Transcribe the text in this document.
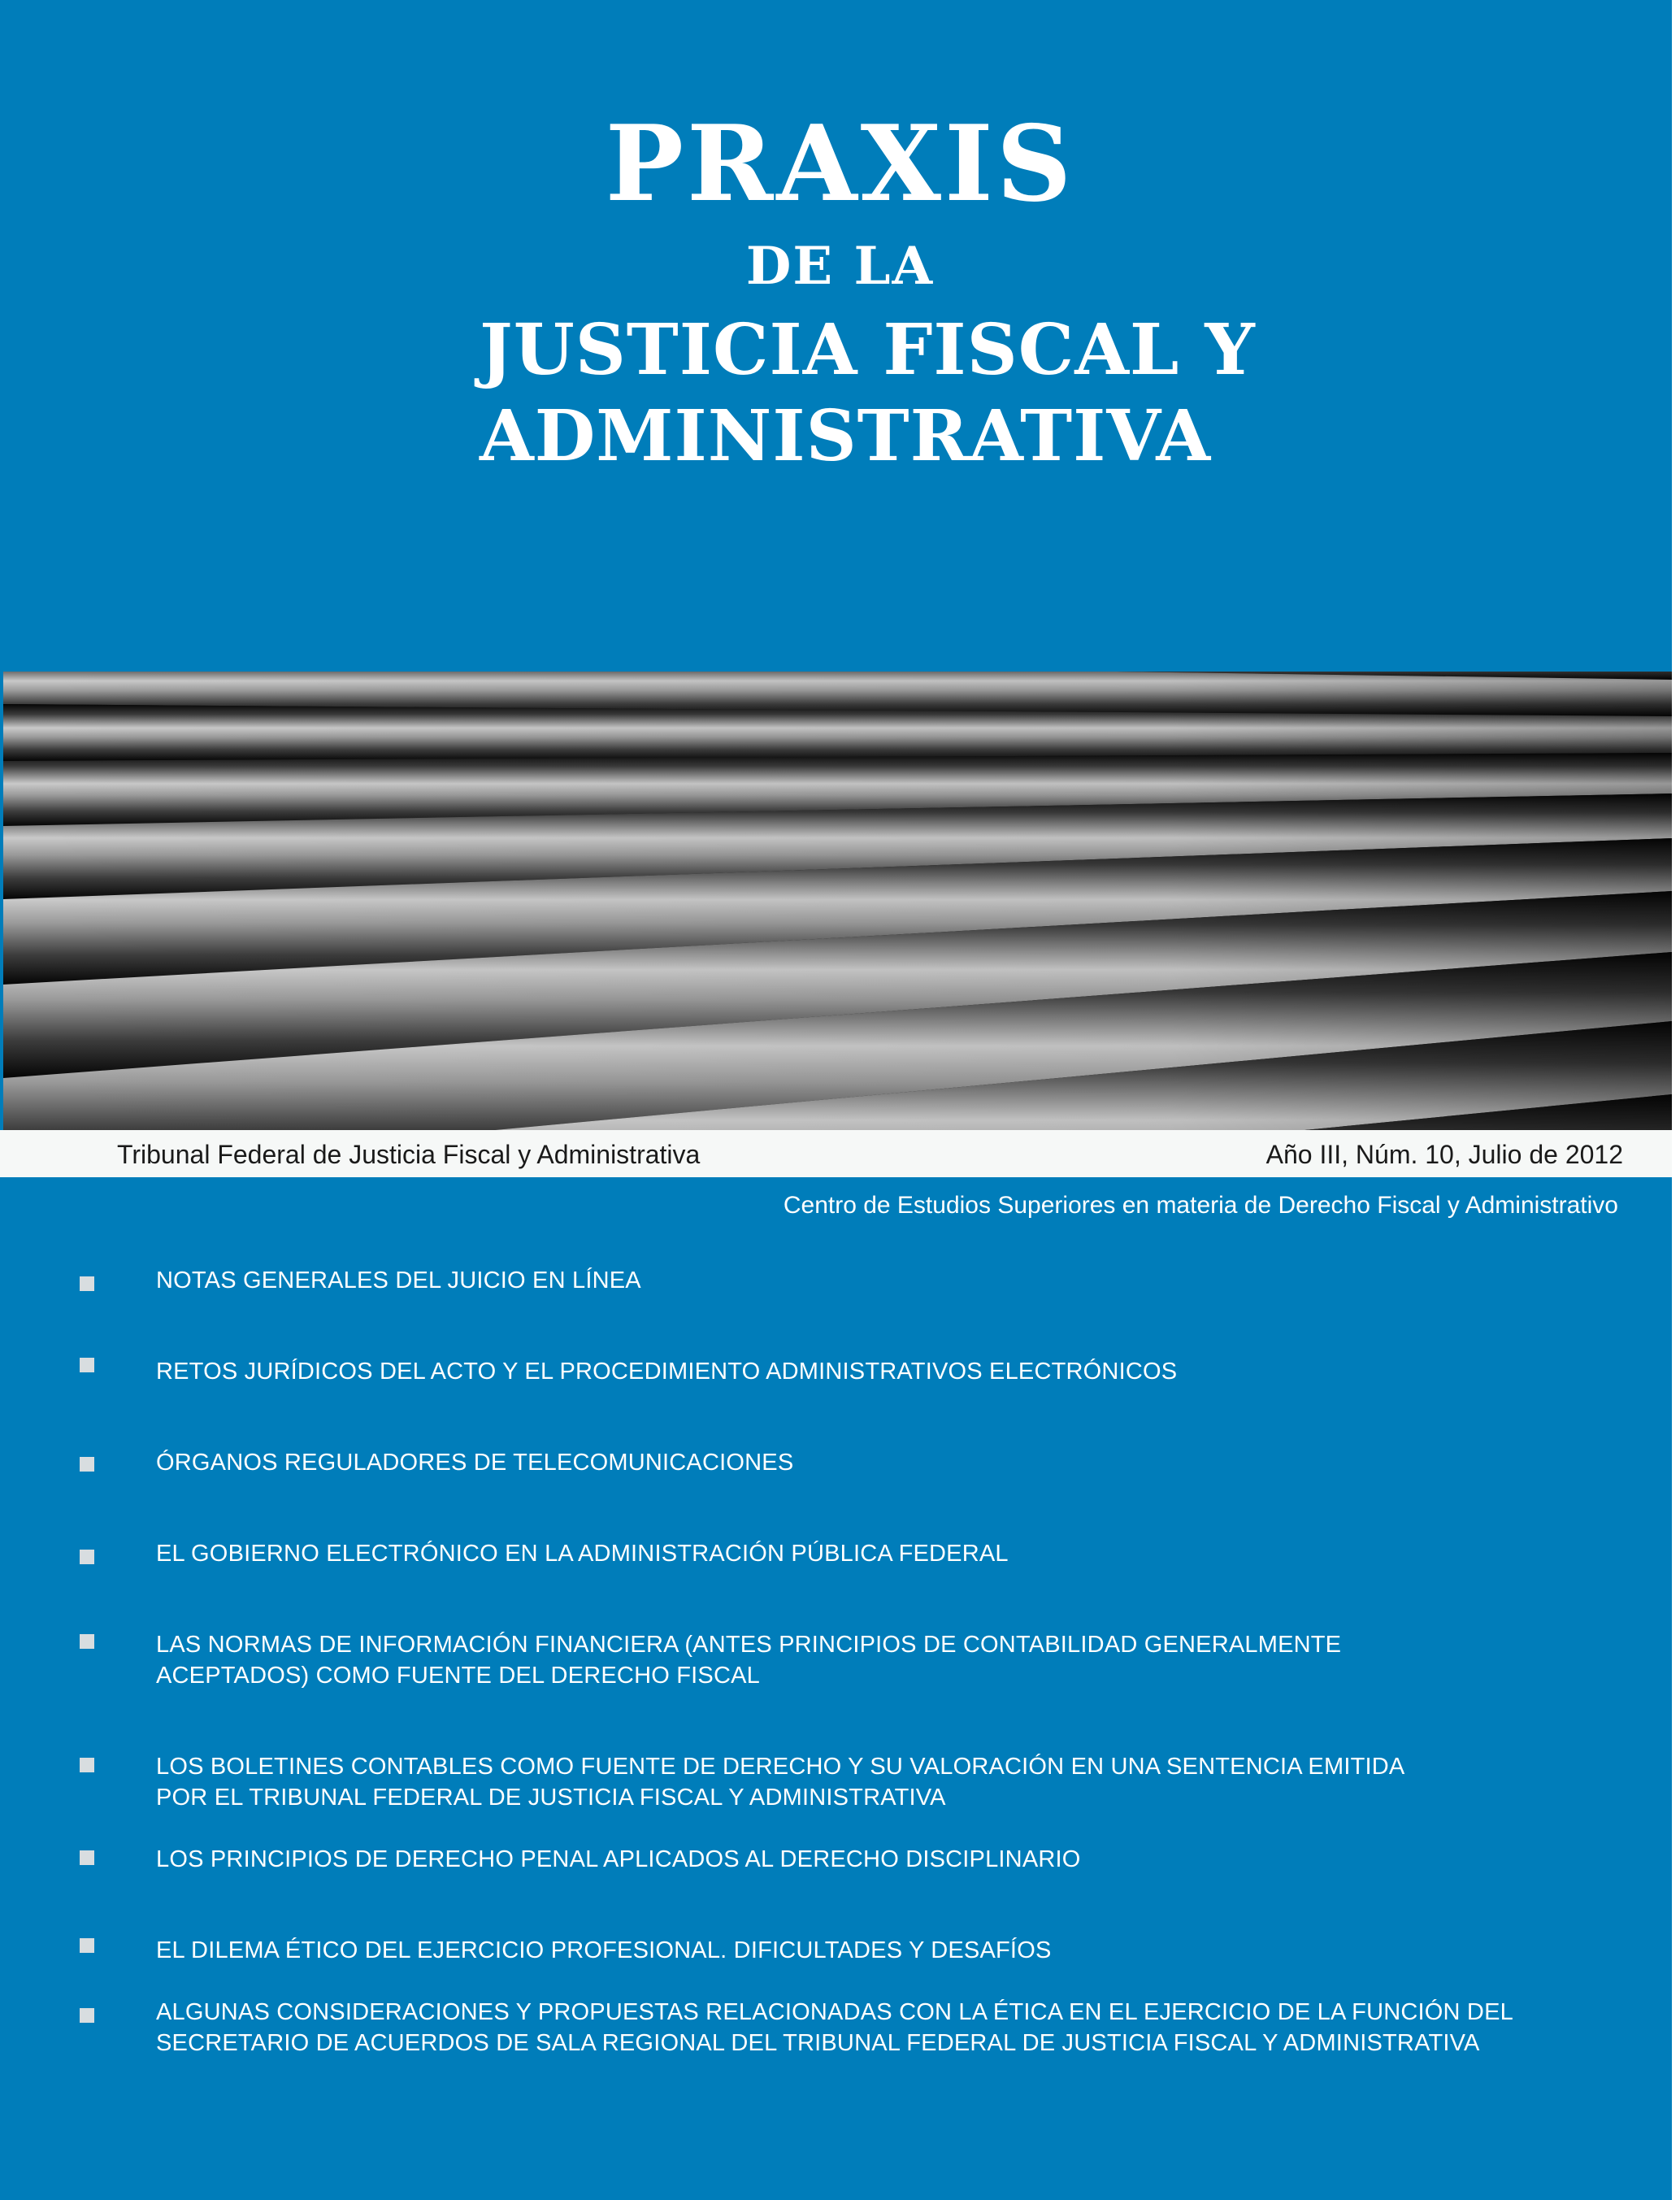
PRAXIS
DE LA
JUSTICIA FISCAL Y
ADMINISTRATIVA
Tribunal Federal de Justicia Fiscal y Administrativa	Año III, Núm. 10, Julio de 2012
Centro de Estudios Superiores en materia de Derecho Fiscal y Administrativo
NOTAS GENERALES DEL JUICIO EN LÍNEA
RETOS JURÍDICOS DEL ACTO Y EL PROCEDIMIENTO ADMINISTRATIVOS ELECTRÓNICOS
ÓRGANOS REGULADORES DE TELECOMUNICACIONES
EL GOBIERNO ELECTRÓNICO EN LA ADMINISTRACIÓN PÚBLICA FEDERAL
LAS NORMAS DE INFORMACIÓN FINANCIERA (ANTES PRINCIPIOS DE CONTABILIDAD GENERALMENTE
ACEPTADOS) COMO FUENTE DEL DERECHO FISCAL
LOS BOLETINES CONTABLES COMO FUENTE DE DERECHO Y SU VALORACIÓN EN UNA SENTENCIA EMITIDA
POR EL TRIBUNAL FEDERAL DE JUSTICIA FISCAL Y ADMINISTRATIVA
LOS PRINCIPIOS DE DERECHO PENAL APLICADOS AL DERECHO DISCIPLINARIO
EL DILEMA ÉTICO DEL EJERCICIO PROFESIONAL. DIFICULTADES Y DESAFÍOS
ALGUNAS CONSIDERACIONES Y PROPUESTAS RELACIONADAS CON LA ÉTICA EN EL EJERCICIO DE LA FUNCIÓN DEL
SECRETARIO DE ACUERDOS DE SALA REGIONAL DEL TRIBUNAL FEDERAL DE JUSTICIA FISCAL Y ADMINISTRATIVA
